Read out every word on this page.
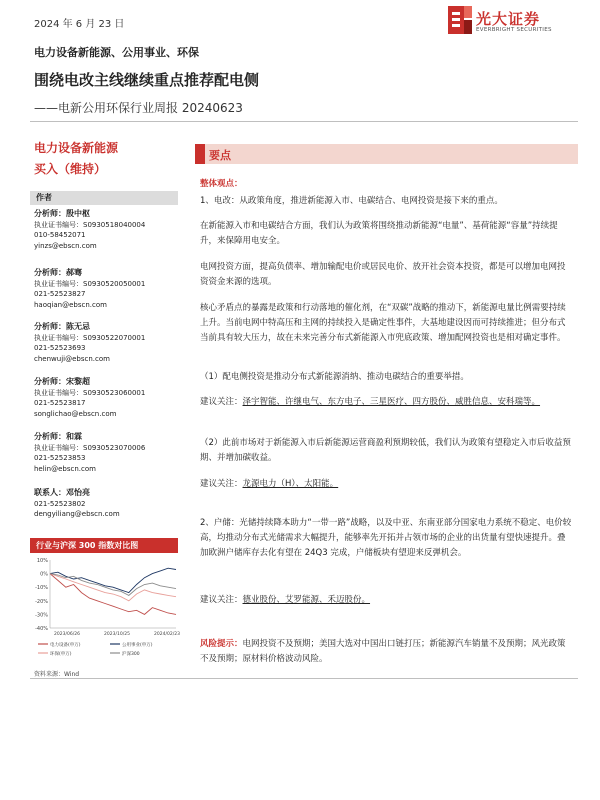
2024 年 6 月 23 日	光大证券
EVERBRIGHT SECURITIES
电力设备新能源、公用事业、环保
围绕电改主线继续重点推荐配电侧
——电新公用环保行业周报 20240623
电力设备新能源
买入（维持）
作者
分析师：殷中枢
执业证书编号：S0930518040004
010-58452071
yinzs@ebscn.com
分析师：郝骞
执业证书编号：S0930520050001
021-52523827
haoqian@ebscn.com
分析师：陈无忌
执业证书编号：S0930522070001
021-52523693
chenwuji@ebscn.com
分析师：宋黎超
执业证书编号：S0930523060001
021-52523817
songlichao@ebscn.com
分析师：和霖
执业证书编号：S0930523070006
021-52523853
helin@ebscn.com
联系人：邓怡亮
021-52523802
dengyiliang@ebscn.com
行业与沪深 300 指数对比图
10%
0%
-10%
-20%
-30%
-40%
2023/06/26	2023/10/25	2024/02/23
电力设备(申万)	公用事业(申万)
环保(申万)	沪深300
资料来源：Wind
要点
整体观点：
1、电改：从政策角度，推进新能源入市、电碳结合、电网投资是接下来的重点。
在新能源入市和电碳结合方面，我们认为政策将围绕推动新能源“电量”、基荷能源“容量”持续提升，来保障用电安全。
电网投资方面，提高负债率、增加输配电价或居民电价、放开社会资本投资，都是可以增加电网投资资金来源的选项。
核心矛盾点的暴露是政策和行动落地的催化剂，在“双碳”战略的推动下，新能源电量比例需要持续上升。当前电网中特高压和主网的持续投入是确定性事件，大基地建设因而可持续推进；但分布式当前具有较大压力，故在未来完善分布式新能源入市兜底政策、增加配网投资也是相对确定事件。
（1）配电侧投资是推动分布式新能源消纳、推动电碳结合的重要举措。
建议关注：泽宇智能、许继电气、东方电子、三星医疗、四方股份、威胜信息、安科瑞等。
（2）此前市场对于新能源入市后新能源运营商盈利预期较低，我们认为政策有望稳定入市后收益预期、并增加碳收益。
建议关注：龙源电力（H）、太阳能。
2、户储：光储持续降本助力“一带一路”战略，以及中亚、东南亚部分国家电力系统不稳定、电价较高，均推动分布式光储需求大幅提升，能够率先开拓并占领市场的企业的出货量有望快速提升。叠加欧洲户储库存去化有望在 24Q3 完成，户储板块有望迎来反弹机会。
建议关注：德业股份、艾罗能源、禾迈股份。
风险提示：电网投资不及预期；美国大选对中国出口链打压；新能源汽车销量不及预期；风光政策不及预期；原材料价格波动风险。
